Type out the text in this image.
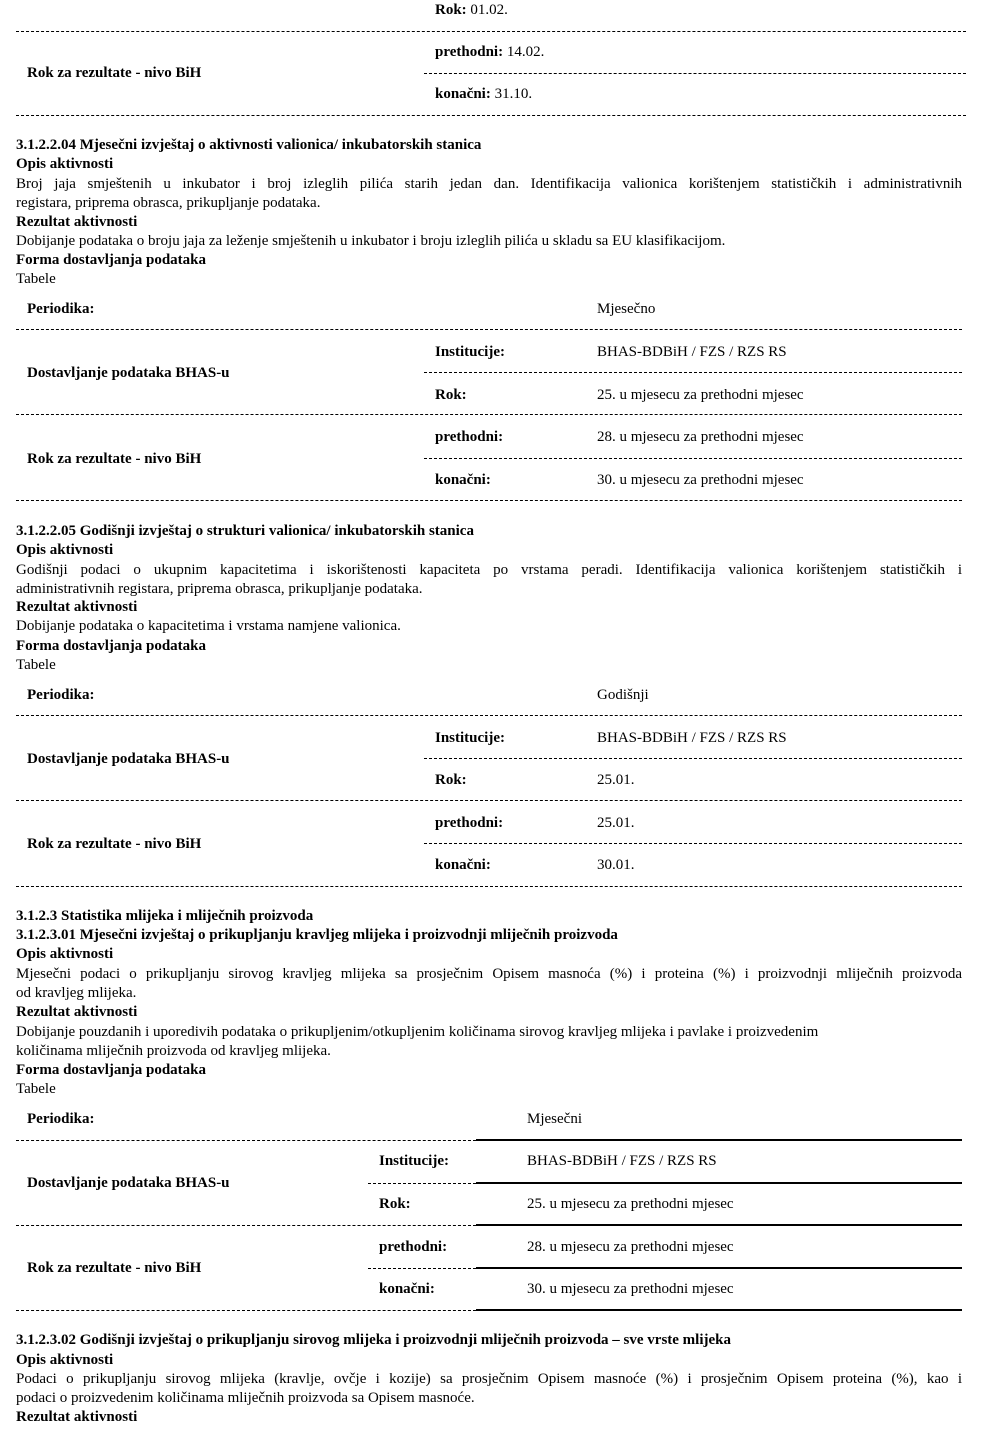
Rok: 01.02.
Rok za rezultate - nivo BiH
prethodni: 14.02.
konačni: 31.10.
3.1.2.2.04 Mjesečni izvještaj o aktivnosti valionica/ inkubatorskih stanica
Opis aktivnosti
Broj jaja smještenih u inkubator i broj izleglih pilića starih jedan dan. Identifikacija valionica korištenjem statističkih i administrativnih
registara, priprema obrasca, prikupljanje podataka.
Rezultat aktivnosti
Dobijanje podataka o broju jaja za leženje smještenih u inkubator i broju izleglih pilića u skladu sa EU klasifikacijom.
Forma dostavljanja podataka
Tabele
Periodika:	Mjesečno
Dostavljanje podataka BHAS-u
Institucije:	BHAS-BDBiH / FZS / RZS RS
Rok:	25. u mjesecu za prethodni mjesec
Rok za rezultate - nivo BiH
prethodni:	28. u mjesecu za prethodni mjesec
konačni:	30. u mjesecu za prethodni mjesec
3.1.2.2.05 Godišnji izvještaj o strukturi valionica/ inkubatorskih stanica
Opis aktivnosti
Godišnji podaci o ukupnim kapacitetima i iskorištenosti kapaciteta po vrstama peradi. Identifikacija valionica korištenjem statističkih i
administrativnih registara, priprema obrasca, prikupljanje podataka.
Rezultat aktivnosti
Dobijanje podataka o kapacitetima i vrstama namjene valionica.
Forma dostavljanja podataka
Tabele
Periodika:	Godišnji
Dostavljanje podataka BHAS-u
Institucije:	BHAS-BDBiH / FZS / RZS RS
Rok:	25.01.
Rok za rezultate - nivo BiH
prethodni:	25.01.
konačni:	30.01.
3.1.2.3 Statistika mlijeka i mliječnih proizvoda
3.1.2.3.01 Mjesečni izvještaj o prikupljanju kravljeg mlijeka i proizvodnji mliječnih proizvoda
Opis aktivnosti
Mjesečni podaci o prikupljanju sirovog kravljeg mlijeka sa prosječnim Opisem masnoća (%) i proteina (%) i proizvodnji mliječnih proizvoda
od kravljeg mlijeka.
Rezultat aktivnosti
Dobijanje pouzdanih i uporedivih podataka o prikupljenim/otkupljenim količinama sirovog kravljeg mlijeka i pavlake i proizvedenim
količinama mliječnih proizvoda od kravljeg mlijeka.
Forma dostavljanja podataka
Tabele
Periodika:	Mjesečni
Dostavljanje podataka BHAS-u
Institucije:	BHAS-BDBiH / FZS / RZS RS
Rok:	25. u mjesecu za prethodni mjesec
Rok za rezultate - nivo BiH
prethodni:	28. u mjesecu za prethodni mjesec
konačni:	30. u mjesecu za prethodni mjesec
3.1.2.3.02 Godišnji izvještaj o prikupljanju sirovog mlijeka i proizvodnji mliječnih proizvoda – sve vrste mlijeka
Opis aktivnosti
Podaci o prikupljanju sirovog mlijeka (kravlje, ovčje i kozije) sa prosječnim Opisem masnoće (%) i prosječnim Opisem proteina (%), kao i
podaci o proizvedenim količinama mliječnih proizvoda sa Opisem masnoće.
Rezultat aktivnosti
